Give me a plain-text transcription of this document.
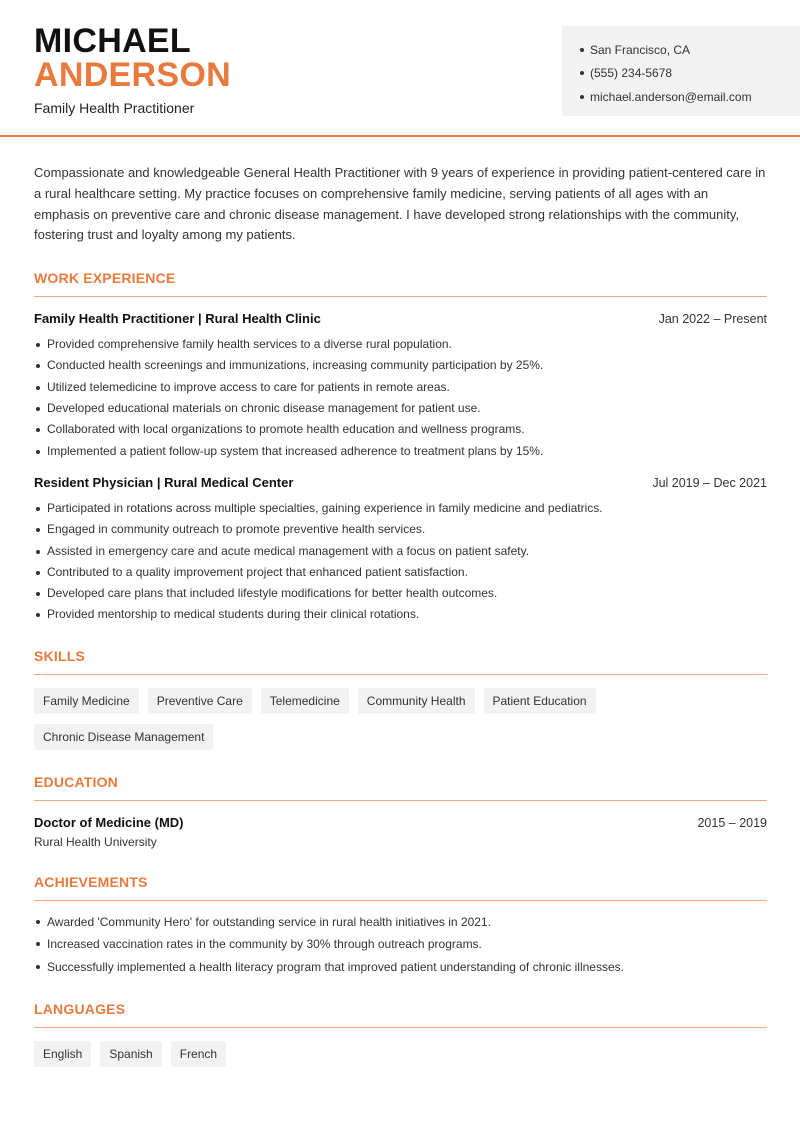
MICHAEL
ANDERSON
Family Health Practitioner
San Francisco, CA
(555) 234-5678
michael.anderson@email.com

Compassionate and knowledgeable General Health Practitioner with 9 years of experience in providing patient-centered care in a rural healthcare setting. My practice focuses on comprehensive family medicine, serving patients of all ages with an emphasis on preventive care and chronic disease management. I have developed strong relationships with the community, fostering trust and loyalty among my patients.

WORK EXPERIENCE
Family Health Practitioner | Rural Health Clinic	Jan 2022 – Present
Provided comprehensive family health services to a diverse rural population.
Conducted health screenings and immunizations, increasing community participation by 25%.
Utilized telemedicine to improve access to care for patients in remote areas.
Developed educational materials on chronic disease management for patient use.
Collaborated with local organizations to promote health education and wellness programs.
Implemented a patient follow-up system that increased adherence to treatment plans by 15%.
Resident Physician | Rural Medical Center	Jul 2019 – Dec 2021
Participated in rotations across multiple specialties, gaining experience in family medicine and pediatrics.
Engaged in community outreach to promote preventive health services.
Assisted in emergency care and acute medical management with a focus on patient safety.
Contributed to a quality improvement project that enhanced patient satisfaction.
Developed care plans that included lifestyle modifications for better health outcomes.
Provided mentorship to medical students during their clinical rotations.
SKILLS
Family Medicine	Preventive Care	Telemedicine	Community Health	Patient Education
Chronic Disease Management
EDUCATION
Doctor of Medicine (MD)	2015 – 2019
Rural Health University
ACHIEVEMENTS
Awarded 'Community Hero' for outstanding service in rural health initiatives in 2021.
Increased vaccination rates in the community by 30% through outreach programs.
Successfully implemented a health literacy program that improved patient understanding of chronic illnesses.
LANGUAGES
English	Spanish	French
